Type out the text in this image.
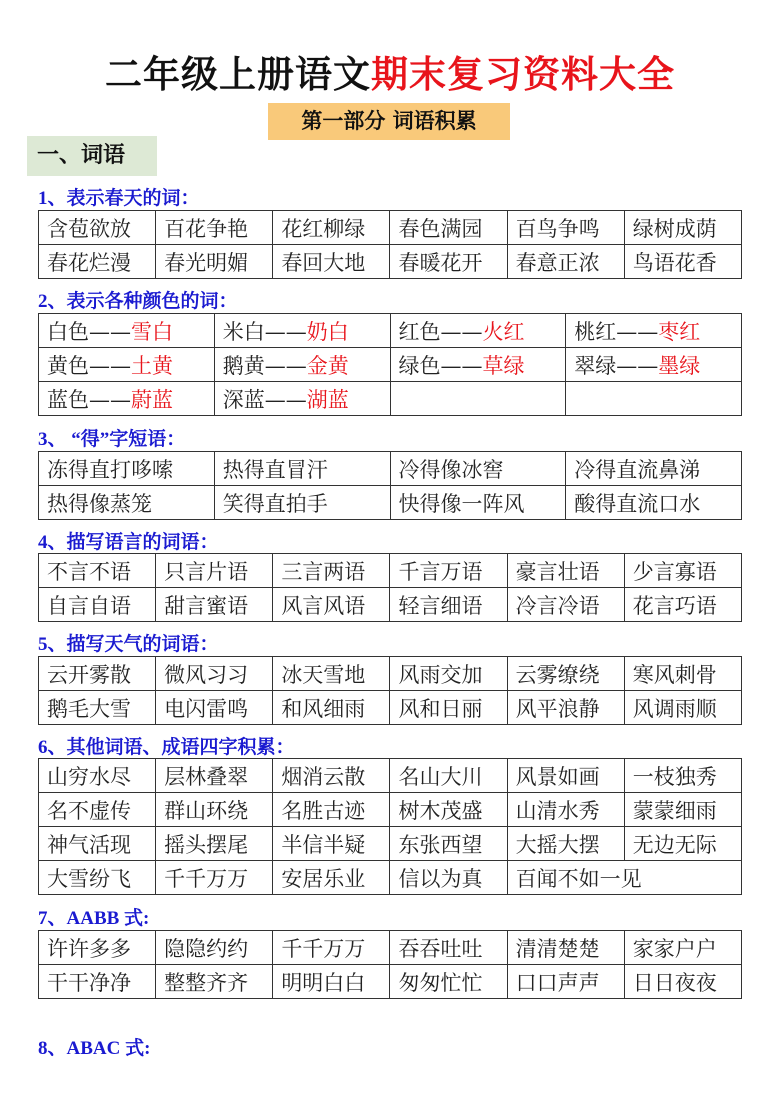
二年级上册语文期末复习资料大全
第一部分 词语积累
一、词语
1、表示春天的词：
含苞欲放	百花争艳	花红柳绿	春色满园	百鸟争鸣	绿树成荫
春花烂漫	春光明媚	春回大地	春暖花开	春意正浓	鸟语花香
2、表示各种颜色的词：
白色——雪白	米白——奶白	红色——火红	桃红——枣红
黄色——土黄	鹅黄——金黄	绿色——草绿	翠绿——墨绿
蓝色——蔚蓝	深蓝——湖蓝		
3、 “得”字短语：
冻得直打哆嗦	热得直冒汗	冷得像冰窖	冷得直流鼻涕
热得像蒸笼	笑得直拍手	快得像一阵风	酸得直流口水
4、描写语言的词语：
不言不语	只言片语	三言两语	千言万语	豪言壮语	少言寡语
自言自语	甜言蜜语	风言风语	轻言细语	冷言冷语	花言巧语
5、描写天气的词语：
云开雾散	微风习习	冰天雪地	风雨交加	云雾缭绕	寒风刺骨
鹅毛大雪	电闪雷鸣	和风细雨	风和日丽	风平浪静	风调雨顺
6、其他词语、成语四字积累：
山穷水尽	层林叠翠	烟消云散	名山大川	风景如画	一枝独秀
名不虚传	群山环绕	名胜古迹	树木茂盛	山清水秀	蒙蒙细雨
神气活现	摇头摆尾	半信半疑	东张西望	大摇大摆	无边无际
大雪纷飞	千千万万	安居乐业	信以为真	百闻不如一见	
7、AABB 式:
许许多多	隐隐约约	千千万万	吞吞吐吐	清清楚楚	家家户户
干干净净	整整齐齐	明明白白	匆匆忙忙	口口声声	日日夜夜
8、ABAC 式:
